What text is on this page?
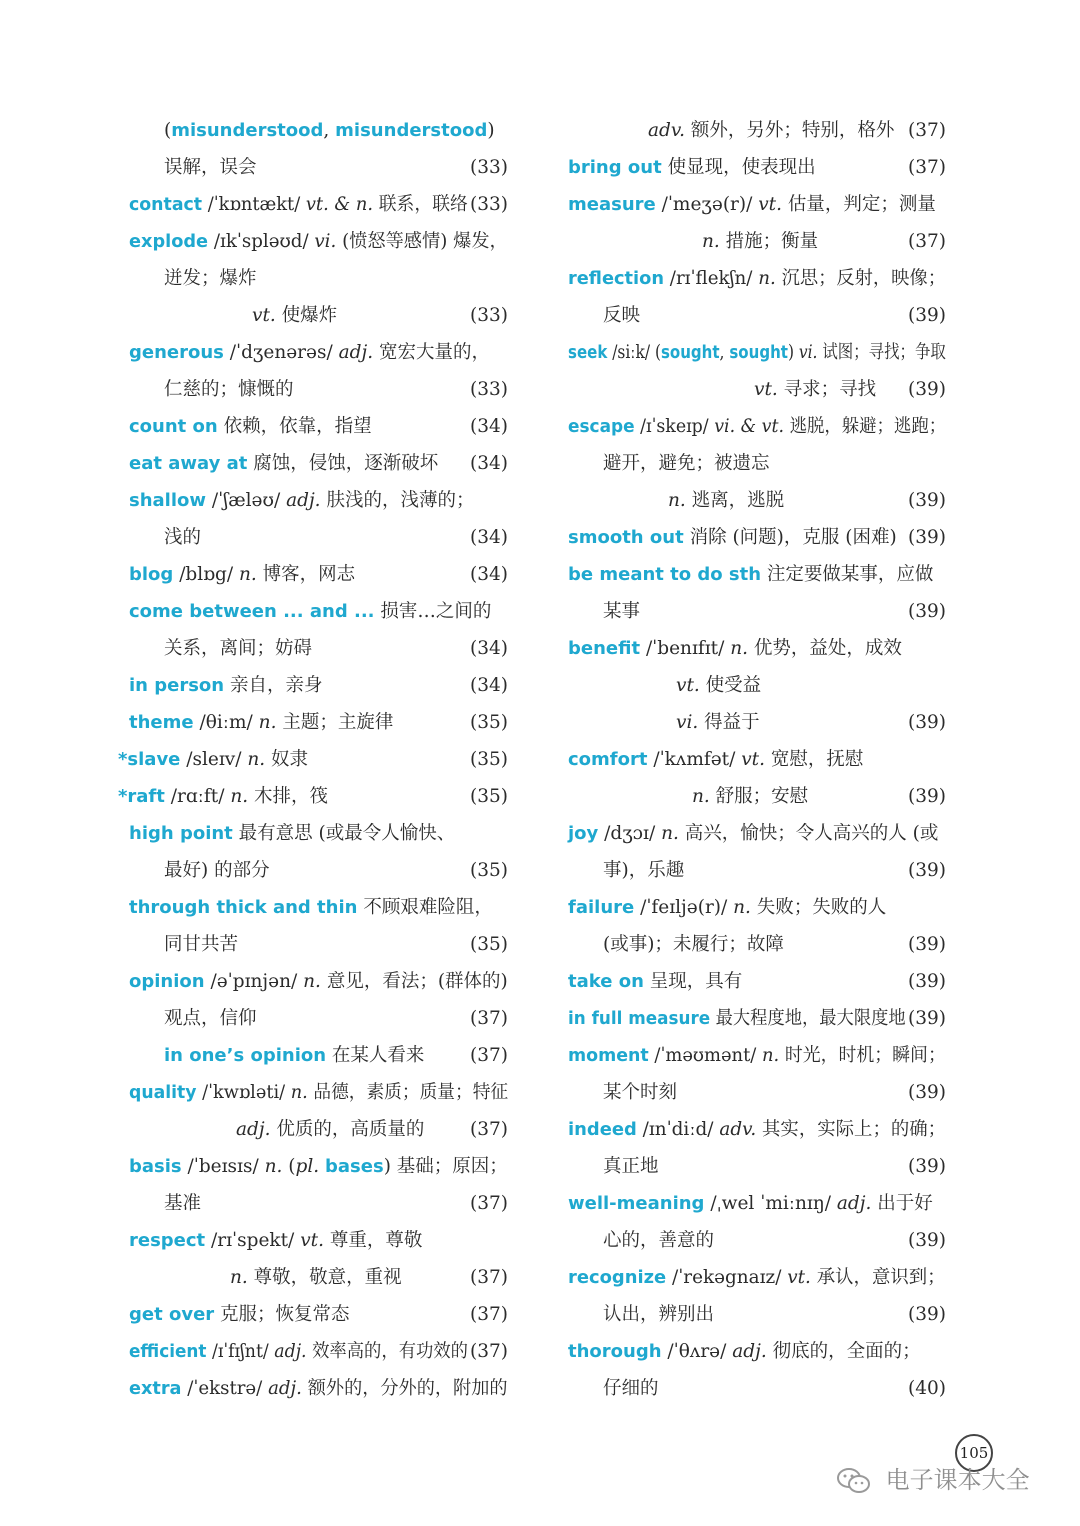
(misunderstood, misunderstood)
误解，误会	(33)
contact /ˈkɒntækt/ vt. & n. 联系，联络 (33)
explode /ɪkˈspləʊd/ vi. (愤怒等感情) 爆发，
迸发；爆炸
vt. 使爆炸	(33)
generous /ˈdʒenərəs/ adj. 宽宏大量的，
仁慈的；慷慨的	(33)
count on 依赖，依靠，指望	(34)
eat away at 腐蚀，侵蚀，逐渐破坏 (34)
shallow /ˈʃæləʊ/ adj. 肤浅的，浅薄的；
浅的	(34)
blog /blɒg/ n. 博客，网志	(34)
come between ... and ... 损害…之间的
关系，离间；妨碍	(34)
in person 亲自，亲身	(34)
theme /θiːm/ n. 主题；主旋律	(35)
*slave /sleɪv/ n. 奴隶	(35)
*raft /rɑːft/ n. 木排，筏	(35)
high point 最有意思 (或最令人愉快、
最好) 的部分	(35)
through thick and thin 不顾艰难险阻，
同甘共苦	(35)
opinion /əˈpɪnjən/ n. 意见，看法；(群体的)
观点，信仰	(37)
in one’s opinion 在某人看来 (37)
quality /ˈkwɒləti/ n. 品德，素质；质量；特征
adj. 优质的，高质量的 (37)
basis /ˈbeɪsɪs/ n. (pl. bases) 基础；原因；
基准	(37)
respect /rɪˈspekt/ vt. 尊重，尊敬
n. 尊敬，敬意，重视	(37)
get over 克服；恢复常态	(37)
efficient /ɪˈfɪʃnt/ adj. 效率高的，有功效的 (37)
extra /ˈekstrə/ adj. 额外的，分外的，附加的
adv. 额外，另外；特别，格外 (37)
bring out 使显现，使表现出	(37)
measure /ˈmeʒə(r)/ vt. 估量，判定；测量
n. 措施；衡量	(37)
reflection /rɪˈflekʃn/ n. 沉思；反射，映像；
反映	(39)
seek /siːk/ (sought, sought) vi. 试图；寻找；争取
vt. 寻求；寻找 (39)
escape /ɪˈskeɪp/ vi. & vt. 逃脱，躲避；逃跑；
避开，避免；被遗忘
n. 逃离，逃脱	(39)
smooth out 消除 (问题)，克服 (困难) (39)
be meant to do sth 注定要做某事，应做
某事	(39)
benefit /ˈbenɪfɪt/ n. 优势，益处，成效
vt. 使受益
vi. 得益于	(39)
comfort /ˈkʌmfət/ vt. 宽慰，抚慰
n. 舒服；安慰	(39)
joy /dʒɔɪ/ n. 高兴，愉快；令人高兴的人 (或
事)，乐趣	(39)
failure /ˈfeɪljə(r)/ n. 失败；失败的人
(或事)；未履行；故障	(39)
take on 呈现，具有	(39)
in full measure 最大程度地，最大限度地 (39)
moment /ˈməʊmənt/ n. 时光，时机；瞬间；
某个时刻	(39)
indeed /ɪnˈdiːd/ adv. 其实，实际上；的确；
真正地	(39)
well-meaning /ˌwel ˈmiːnɪŋ/ adj. 出于好
心的，善意的	(39)
recognize /ˈrekəgnaɪz/ vt. 承认，意识到；
认出，辨别出	(39)
thorough /ˈθʌrə/ adj. 彻底的，全面的；
仔细的	(40)
105
电子课本大全
